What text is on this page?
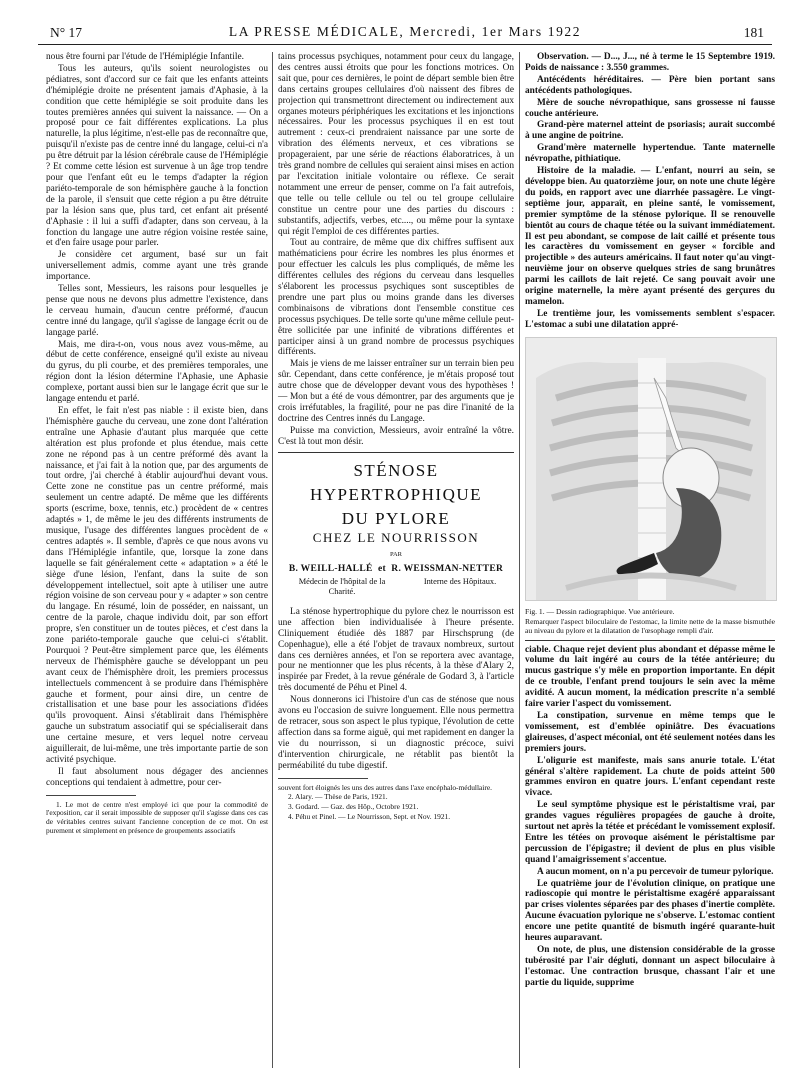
N° 17	LA PRESSE MÉDICALE, Mercredi, 1er Mars 1922	181

nous être fourni par l'étude de l'Hémiplégie Infantile.

Tous les auteurs, qu'ils soient neurologistes ou pédiatres, sont d'accord sur ce fait que les enfants atteints d'hémiplégie droite ne présentent jamais d'Aphasie, à la condition que cette hémiplégie se soit produite dans les toutes premières années qui suivent la naissance. — On a proposé pour ce fait différentes explications. La plus naturelle, la plus légitime, n'est-elle pas de reconnaître que, puisqu'il n'existe pas de centre inné du langage, celui-ci n'a pu être détruit par la lésion cérébrale cause de l'Hémiplégie ? Et comme cette lésion est survenue à un âge trop tendre pour que l'enfant eût eu le temps d'adapter la région pariéto-temporale de son hémisphère gauche à la fonction de la parole, il s'ensuit que cette région a pu être détruite par la lésion sans que, plus tard, cet enfant ait présenté d'Aphasie : il lui a suffi d'adapter, dans son cerveau, à la fonction du langage une autre région voisine restée saine, et d'en faire usage pour parler.

Je considère cet argument, basé sur un fait universellement admis, comme ayant une très grande importance.

Telles sont, Messieurs, les raisons pour lesquelles je pense que nous ne devons plus admettre l'existence, dans le cerveau humain, d'aucun centre préformé, d'aucun centre inné du langage, qu'il s'agisse de langage écrit ou de langage parlé.

Mais, me dira-t-on, vous nous avez vous-même, au début de cette conférence, enseigné qu'il existe au niveau du gyrus, du pli courbe, et des premières temporales, une région dont la lésion détermine l'Aphasie, une Aphasie complexe, portant aussi bien sur le langage écrit que sur le langage entendu et parlé.

En effet, le fait n'est pas niable : il existe bien, dans l'hémisphère gauche du cerveau, une zone dont l'altération entraîne une Aphasie d'autant plus marquée que cette altération est plus profonde et plus étendue, mais cette zone ne répond pas à un centre préformé dès avant la naissance, et j'ai fait à la notion que, par des arguments de tout ordre, j'ai cherché à établir aujourd'hui devant vous. Cette zone ne constitue pas un centre préformé, mais seulement un centre adapté. De même que les différents sports (escrime, boxe, tennis, etc.) procèdent de « centres adaptés » 1, de même le jeu des différents instruments de musique, l'usage des différentes langues procèdent de « centres adaptés ». Il semble, d'après ce que nous avons vu dans l'Hémiplégie infantile, que, lorsque la zone dans laquelle se fait généralement cette « adaptation » a été le siège d'une lésion, l'enfant, dans la suite de son développement intellectuel, soit apte à utiliser une autre région voisine de son cerveau pour y « adapter » son centre du langage. En résumé, loin de posséder, en naissant, un centre de la parole, chaque individu doit, par son effort propre, s'en constituer un de toutes pièces, et c'est dans la zone pariéto-temporale gauche que celui-ci s'établit. Pourquoi ? Peut-être simplement parce que, les éléments nerveux de l'hémisphère gauche se développant un peu avant ceux de l'hémisphère droit, les premiers processus intellectuels commencent à se produire dans l'hémisphère gauche et forment, pour ainsi dire, un centre de cristallisation et une base pour les associations d'idées qu'ils provoquent. Ainsi s'établirait dans l'hémisphère gauche un substratum associatif qui se spécialiserait dans une certaine mesure, et vers lequel notre cerveau aiguillerait, de lui-même, une très importante partie de son activité psychique.

Il faut absolument nous dégager des anciennes conceptions qui tendaient à admettre, pour cer-

1. Le mot de centre n'est employé ici que pour la commodité de l'exposition, car il serait impossible de supposer qu'il s'agisse dans ces cas de véritables centres suivant l'ancienne conception de ce mot. On est purement et simplement en présence de groupements associatifs

tains processus psychiques, notamment pour ceux du langage, des centres aussi étroits que pour les fonctions motrices. On sait que, pour ces dernières, le point de départ semble bien être dans certains groupes cellulaires d'où naissent des fibres de projection qui transmettront directement ou indirectement aux organes moteurs périphériques les excitations et les injonctions nécessaires. Pour les processus psychiques il en est tout autrement : ceux-ci prendraient naissance par une sorte de vibration des éléments nerveux, et ces vibrations se propageraient, par une série de réactions élaboratrices, à un très grand nombre de cellules qui seraient ainsi mises en action par l'excitation initiale volontaire ou réflexe. Ce serait notamment une erreur de penser, comme on l'a fait autrefois, que telle ou telle cellule ou tel ou tel groupe cellulaire constitue un centre pour une des parties du discours : substantifs, adjectifs, verbes, etc...., ou même pour la syntaxe qui régit l'emploi de ces différentes parties.

Tout au contraire, de même que dix chiffres suffisent aux mathématiciens pour écrire les nombres les plus énormes et pour effectuer les calculs les plus compliqués, de même les différentes cellules des régions du cerveau dans lesquelles s'élaborent les processus psychiques sont susceptibles de prendre une part plus ou moins grande dans les diverses combinaisons de vibrations dont l'ensemble constitue ces processus psychiques. De telle sorte qu'une même cellule peut-être sollicitée par une infinité de vibrations différentes et participer ainsi à un grand nombre de processus psychiques différents.

Mais je viens de me laisser entraîner sur un terrain bien peu sûr. Cependant, dans cette conférence, je m'étais proposé tout autre chose que de développer devant vous des hypothèses ! — Mon but a été de vous démontrer, par des arguments que je crois irréfutables, la fragilité, pour ne pas dire l'inanité de la doctrine des Centres innés du Langage.

Puisse ma conviction, Messieurs, avoir entraîné la vôtre. C'est là tout mon désir.

STÉNOSE HYPERTROPHIQUE
DU PYLORE
CHEZ LE NOURRISSON
PAR
B. WEILL-HALLÉ et R. WEISSMAN-NETTER
Médecin de l'hôpital de la Charité.
Interne des Hôpitaux.

La sténose hypertrophique du pylore chez le nourrisson est une affection bien individualisée à l'heure présente. Cliniquement étudiée dès 1887 par Hirschsprung (de Copenhague), elle a été l'objet de travaux nombreux, surtout dans ces dernières années, et l'on se reportera avec avantage, pour ne mentionner que les plus récents, à la thèse d'Alary 2, inspirée par Fredet, à la revue générale de Godard 3, à l'article très documenté de Péhu et Pinel 4.

Nous donnerons ici l'histoire d'un cas de sténose que nous avons eu l'occasion de suivre longuement. Elle nous permettra de retracer, sous son aspect le plus typique, l'évolution de cette affection dans sa forme aiguë, qui met rapidement en danger la vie du nourrisson, si un diagnostic précoce, suivi d'intervention chirurgicale, ne rétablit pas bientôt la perméabilité du tube digestif.

souvent fort éloignés les uns des autres dans l'axe encéphalo-médullaire.

2. Alary. — Thèse de Paris, 1921.

3. Godard. — Gaz. des Hôp., Octobre 1921.

4. Péhu et Pinel. — Le Nourrisson, Sept. et Nov. 1921.

Observation. — D..., J..., né à terme le 15 Septembre 1919. Poids de naissance : 3.550 grammes.

Antécédents héréditaires. — Père bien portant sans antécédents pathologiques.

Mère de souche névropathique, sans grossesse ni fausse couche antérieure.

Grand-père maternel atteint de psoriasis; aurait succombé à une angine de poitrine.

Grand'mère maternelle hypertendue. Tante maternelle névropathe, pithiatique.

Histoire de la maladie. — L'enfant, nourri au sein, se développe bien. Au quatorzième jour, on note une chute légère du poids, en rapport avec une diarrhée passagère. Le vingt-septième jour, apparaît, en pleine santé, le vomissement, premier symptôme de la sténose pylorique. Il se renouvelle bientôt au cours de chaque tétée ou la suivant immédiatement. Il est peu abondant, se compose de lait caillé et présente tous les caractères du vomissement en geyser « forcible and projectible » des auteurs américains. Il faut noter qu'au vingt-neuvième jour on observe quelques stries de sang brunâtres parmi les caillots de lait rejeté. Ce sang pouvait avoir une origine maternelle, la mère ayant présenté des gerçures du mamelon.

Le trentième jour, les vomissements semblent s'espacer. L'estomac a subi une dilatation appré-

Fig. 1. — Dessin radiographique. Vue antérieure.

Remarquer l'aspect biloculaire de l'estomac, la limite nette de la masse bismuthée au niveau du pylore et la dilatation de l'œsophage rempli d'air.

ciable. Chaque rejet devient plus abondant et dépasse même le volume du lait ingéré au cours de la tétée antérieure; du mucus gastrique s'y mêle en proportion importante. En dépit de ce trouble, l'enfant prend toujours le sein avec la même avidité. A aucun moment, la médication prescrite n'a semblé faire varier l'aspect du vomissement.

La constipation, survenue en même temps que le vomissement, est d'emblée opiniâtre. Des évacuations glaireuses, d'aspect méconial, ont été seulement notées dans les premiers jours.

L'oligurie est manifeste, mais sans anurie totale. L'état général s'altère rapidement. La chute de poids atteint 500 grammes environ en quatre jours. L'enfant cependant reste vivace.

Le seul symptôme physique est le péristaltisme vrai, par grandes vagues régulières propagées de gauche à droite, surtout net après la tétée et précédant le vomissement explosif. Entre les tétées on provoque aisément le péristaltisme par percussion de l'épigastre; il devient de plus en plus visible quand l'amaigrissement s'accentue.

A aucun moment, on n'a pu percevoir de tumeur pylorique.

Le quatrième jour de l'évolution clinique, on pratique une radioscopie qui montre le péristaltisme exagéré apparaissant par crises violentes séparées par des phases d'inertie complète. Aucune évacuation pylorique ne s'observe. L'estomac contient encore une petite quantité de bismuth ingéré quarante-huit heures auparavant.

On note, de plus, une distension considérable de la grosse tubérosité par l'air dégluti, donnant un aspect biloculaire à l'estomac. Une contraction brusque, chassant l'air et une partie du liquide, supprime
